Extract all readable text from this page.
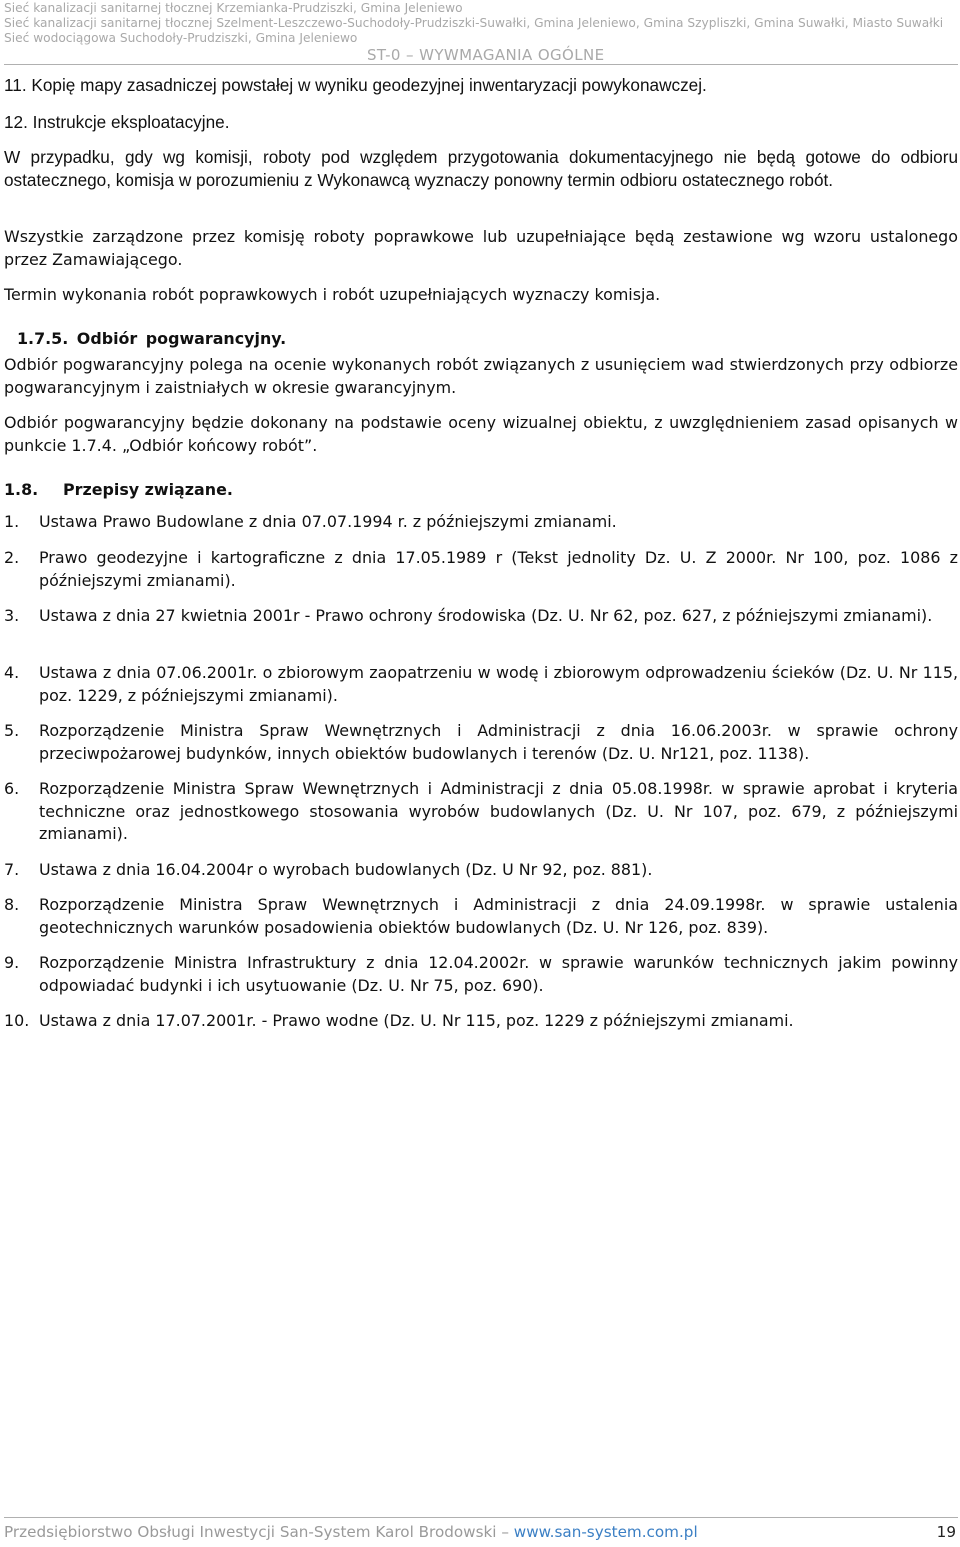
Sieć kanalizacji sanitarnej tłocznej Krzemianka-Prudziszki, Gmina Jeleniewo
Sieć kanalizacji sanitarnej tłocznej Szelment-Leszczewo-Suchodoły-Prudziszki-Suwałki, Gmina Jeleniewo, Gmina Szypliszki, Gmina Suwałki, Miasto Suwałki
Sieć wodociągowa Suchodoły-Prudziszki, Gmina Jeleniewo
ST-0 – WYWMAGANIA OGÓLNE
11. Kopię mapy zasadniczej powstałej w wyniku geodezyjnej inwentaryzacji powykonawczej.
12. Instrukcje eksploatacyjne.
W przypadku, gdy wg komisji, roboty pod względem przygotowania dokumentacyjnego nie będą gotowe do odbioru ostatecznego, komisja w porozumieniu z Wykonawcą wyznaczy ponowny termin odbioru ostatecznego robót.
Wszystkie zarządzone przez komisję roboty poprawkowe lub uzupełniające będą zestawione wg wzoru ustalonego przez Zamawiającego.
Termin wykonania robót poprawkowych i robót uzupełniających wyznaczy komisja.
1.7.5. Odbiór pogwarancyjny.
Odbiór pogwarancyjny polega na ocenie wykonanych robót związanych z usunięciem wad stwierdzonych przy odbiorze pogwarancyjnym i zaistniałych w okresie gwarancyjnym.
Odbiór pogwarancyjny będzie dokonany na podstawie oceny wizualnej obiektu, z uwzględnieniem zasad opisanych w punkcie 1.7.4. „Odbiór końcowy robót”.
1.8. Przepisy związane.
1. Ustawa Prawo Budowlane z dnia 07.07.1994 r. z późniejszymi zmianami.
2. Prawo geodezyjne i kartograficzne z dnia 17.05.1989 r (Tekst jednolity Dz. U. Z 2000r. Nr 100, poz. 1086 z późniejszymi zmianami).
3. Ustawa z dnia 27 kwietnia 2001r - Prawo ochrony środowiska (Dz. U. Nr 62, poz. 627, z późniejszymi zmianami).
4. Ustawa z dnia 07.06.2001r. o zbiorowym zaopatrzeniu w wodę i zbiorowym odprowadzeniu ścieków (Dz. U. Nr 115, poz. 1229, z późniejszymi zmianami).
5. Rozporządzenie Ministra Spraw Wewnętrznych i Administracji z dnia 16.06.2003r. w sprawie ochrony przeciwpożarowej budynków, innych obiektów budowlanych i terenów (Dz. U. Nr121, poz. 1138).
6. Rozporządzenie Ministra Spraw Wewnętrznych i Administracji z dnia 05.08.1998r. w sprawie aprobat i kryteria techniczne oraz jednostkowego stosowania wyrobów budowlanych (Dz. U. Nr 107, poz. 679, z późniejszymi zmianami).
7. Ustawa z dnia 16.04.2004r o wyrobach budowlanych (Dz. U Nr 92, poz. 881).
8. Rozporządzenie Ministra Spraw Wewnętrznych i Administracji z dnia 24.09.1998r. w sprawie ustalenia geotechnicznych warunków posadowienia obiektów budowlanych (Dz. U. Nr 126, poz. 839).
9. Rozporządzenie Ministra Infrastruktury z dnia 12.04.2002r. w sprawie warunków technicznych jakim powinny odpowiadać budynki i ich usytuowanie (Dz. U. Nr 75, poz. 690).
10. Ustawa z dnia 17.07.2001r. - Prawo wodne (Dz. U. Nr 115, poz. 1229 z późniejszymi zmianami.
Przedsiębiorstwo Obsługi Inwestycji San-System Karol Brodowski – www.san-system.com.pl	19
